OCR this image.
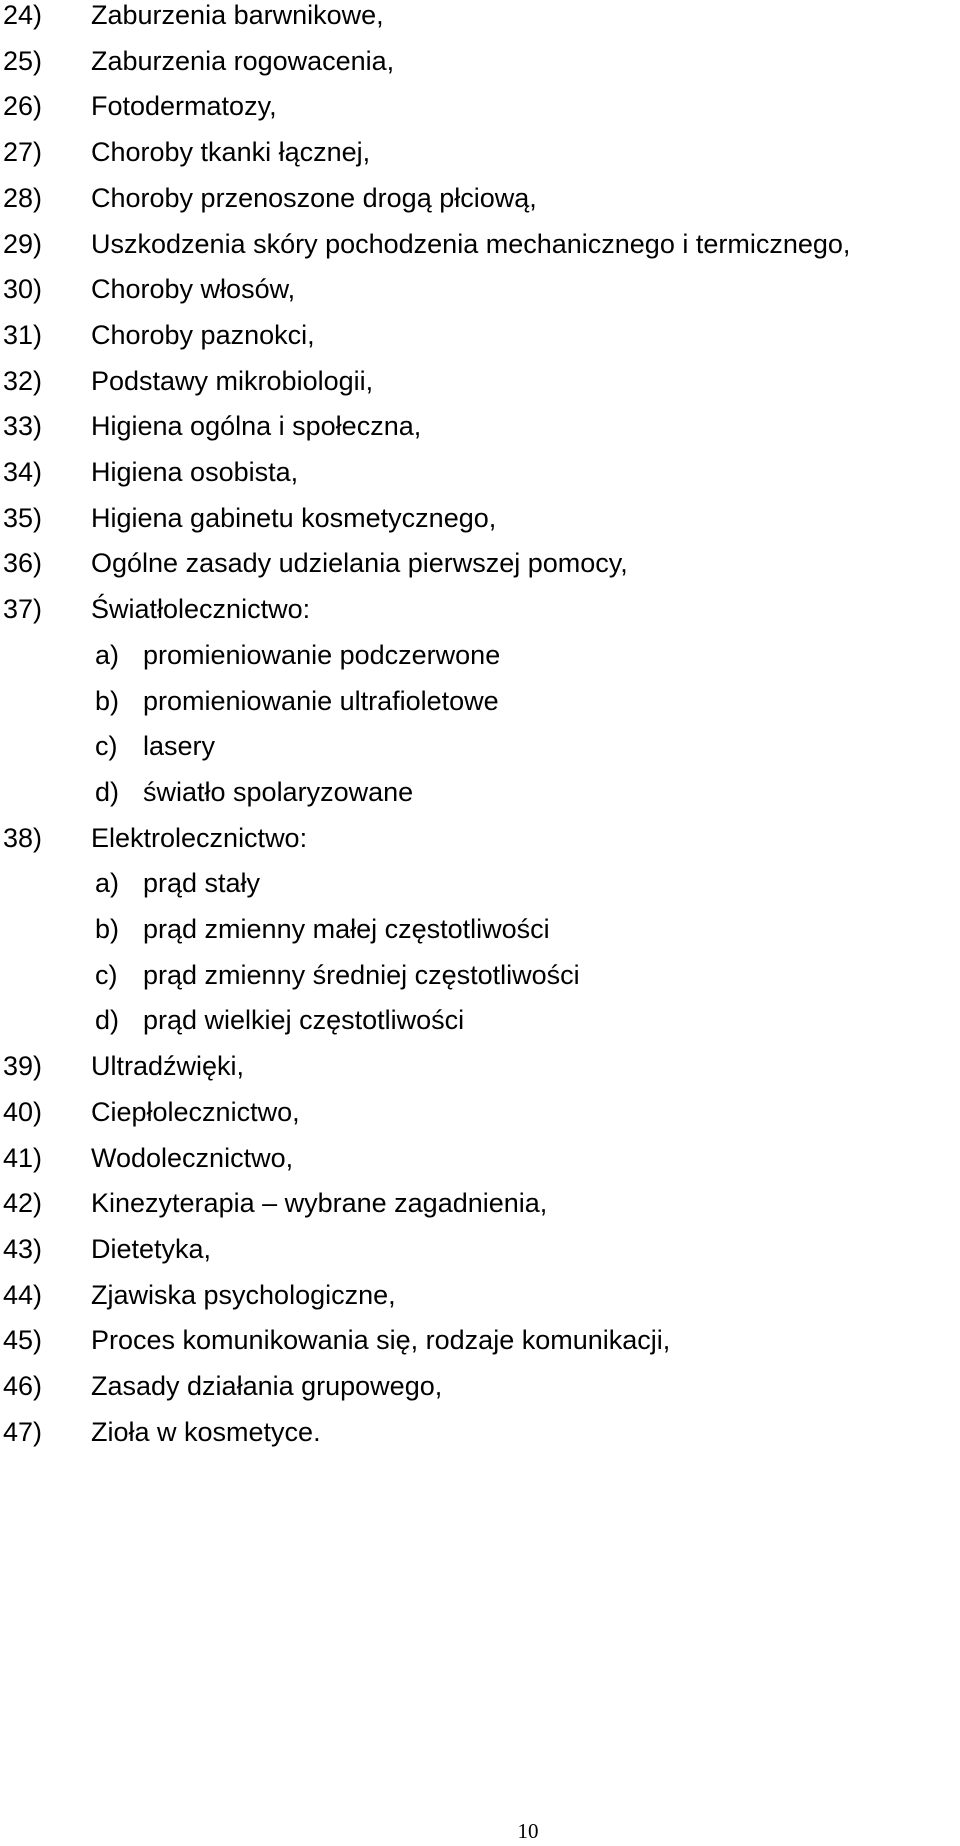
24) Zaburzenia barwnikowe,
25) Zaburzenia rogowacenia,
26) Fotodermatozy,
27) Choroby tkanki łącznej,
28) Choroby przenoszone drogą płciową,
29) Uszkodzenia skóry pochodzenia mechanicznego i termicznego,
30) Choroby włosów,
31) Choroby paznokci,
32) Podstawy mikrobiologii,
33) Higiena ogólna i społeczna,
34) Higiena osobista,
35) Higiena gabinetu kosmetycznego,
36) Ogólne zasady udzielania pierwszej pomocy,
37) Światłolecznictwo:
a) promieniowanie podczerwone
b) promieniowanie ultrafioletowe
c) lasery
d) światło spolaryzowane
38) Elektrolecznictwo:
a) prąd stały
b) prąd zmienny małej częstotliwości
c) prąd zmienny średniej częstotliwości
d) prąd wielkiej częstotliwości
39) Ultradźwięki,
40) Ciepłolecznictwo,
41) Wodolecznictwo,
42) Kinezyterapia – wybrane zagadnienia,
43) Dietetyka,
44) Zjawiska psychologiczne,
45) Proces komunikowania się, rodzaje komunikacji,
46) Zasady działania grupowego,
47) Zioła w kosmetyce.
10
